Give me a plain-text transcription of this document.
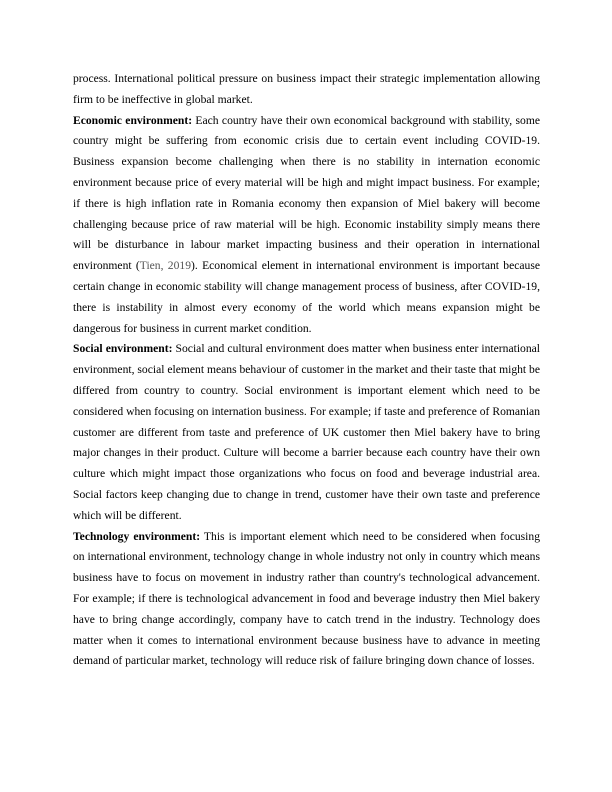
process. International political pressure on business impact their strategic implementation allowing firm to be ineffective in global market.

Economic environment: Each country have their own economical background with stability, some country might be suffering from economic crisis due to certain event including COVID-19. Business expansion become challenging when there is no stability in internation economic environment because price of every material will be high and might impact business. For example; if there is high inflation rate in Romania economy then expansion of Miel bakery will become challenging because price of raw material will be high. Economic instability simply means there will be disturbance in labour market impacting business and their operation in international environment (Tien, 2019). Economical element in international environment is important because certain change in economic stability will change management process of business, after COVID-19, there is instability in almost every economy of the world which means expansion might be dangerous for business in current market condition.

Social environment: Social and cultural environment does matter when business enter international environment, social element means behaviour of customer in the market and their taste that might be differed from country to country. Social environment is important element which need to be considered when focusing on internation business. For example; if taste and preference of Romanian customer are different from taste and preference of UK customer then Miel bakery have to bring major changes in their product. Culture will become a barrier because each country have their own culture which might impact those organizations who focus on food and beverage industrial area. Social factors keep changing due to change in trend, customer have their own taste and preference which will be different.

Technology environment: This is important element which need to be considered when focusing on international environment, technology change in whole industry not only in country which means business have to focus on movement in industry rather than country's technological advancement. For example; if there is technological advancement in food and beverage industry then Miel bakery have to bring change accordingly, company have to catch trend in the industry. Technology does matter when it comes to international environment because business have to advance in meeting demand of particular market, technology will reduce risk of failure bringing down chance of losses.
